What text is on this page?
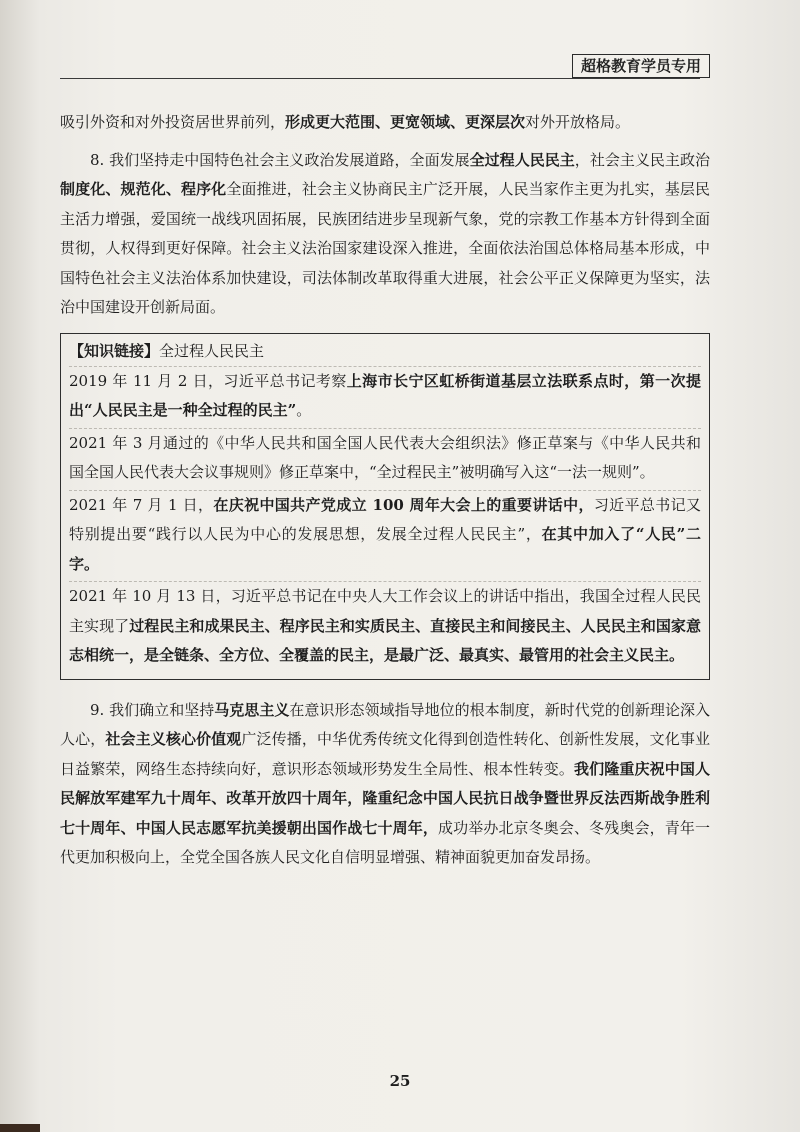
超格教育学员专用

吸引外资和对外投资居世界前列，形成更大范围、更宽领域、更深层次对外开放格局。

8. 我们坚持走中国特色社会主义政治发展道路，全面发展全过程人民民主，社会主义民主政治制度化、规范化、程序化全面推进，社会主义协商民主广泛开展，人民当家作主更为扎实，基层民主活力增强，爱国统一战线巩固拓展，民族团结进步呈现新气象，党的宗教工作基本方针得到全面贯彻，人权得到更好保障。社会主义法治国家建设深入推进，全面依法治国总体格局基本形成，中国特色社会主义法治体系加快建设，司法体制改革取得重大进展，社会公平正义保障更为坚实，法治中国建设开创新局面。

【知识链接】全过程人民民主

2019 年 11 月 2 日，习近平总书记考察上海市长宁区虹桥街道基层立法联系点时，第一次提出“人民民主是一种全过程的民主”。

2021 年 3 月通过的《中华人民共和国全国人民代表大会组织法》修正草案与《中华人民共和国全国人民代表大会议事规则》修正草案中，“全过程民主”被明确写入这“一法一规则”。

2021 年 7 月 1 日，在庆祝中国共产党成立 100 周年大会上的重要讲话中，习近平总书记又特别提出要“践行以人民为中心的发展思想，发展全过程人民民主”，在其中加入了“人民”二字。

2021 年 10 月 13 日，习近平总书记在中央人大工作会议上的讲话中指出，我国全过程人民民主实现了过程民主和成果民主、程序民主和实质民主、直接民主和间接民主、人民民主和国家意志相统一，是全链条、全方位、全覆盖的民主，是最广泛、最真实、最管用的社会主义民主。

9. 我们确立和坚持马克思主义在意识形态领域指导地位的根本制度，新时代党的创新理论深入人心，社会主义核心价值观广泛传播，中华优秀传统文化得到创造性转化、创新性发展，文化事业日益繁荣，网络生态持续向好，意识形态领域形势发生全局性、根本性转变。我们隆重庆祝中国人民解放军建军九十周年、改革开放四十周年，隆重纪念中国人民抗日战争暨世界反法西斯战争胜利七十周年、中国人民志愿军抗美援朝出国作战七十周年，成功举办北京冬奥会、冬残奥会，青年一代更加积极向上，全党全国各族人民文化自信明显增强、精神面貌更加奋发昂扬。

25
